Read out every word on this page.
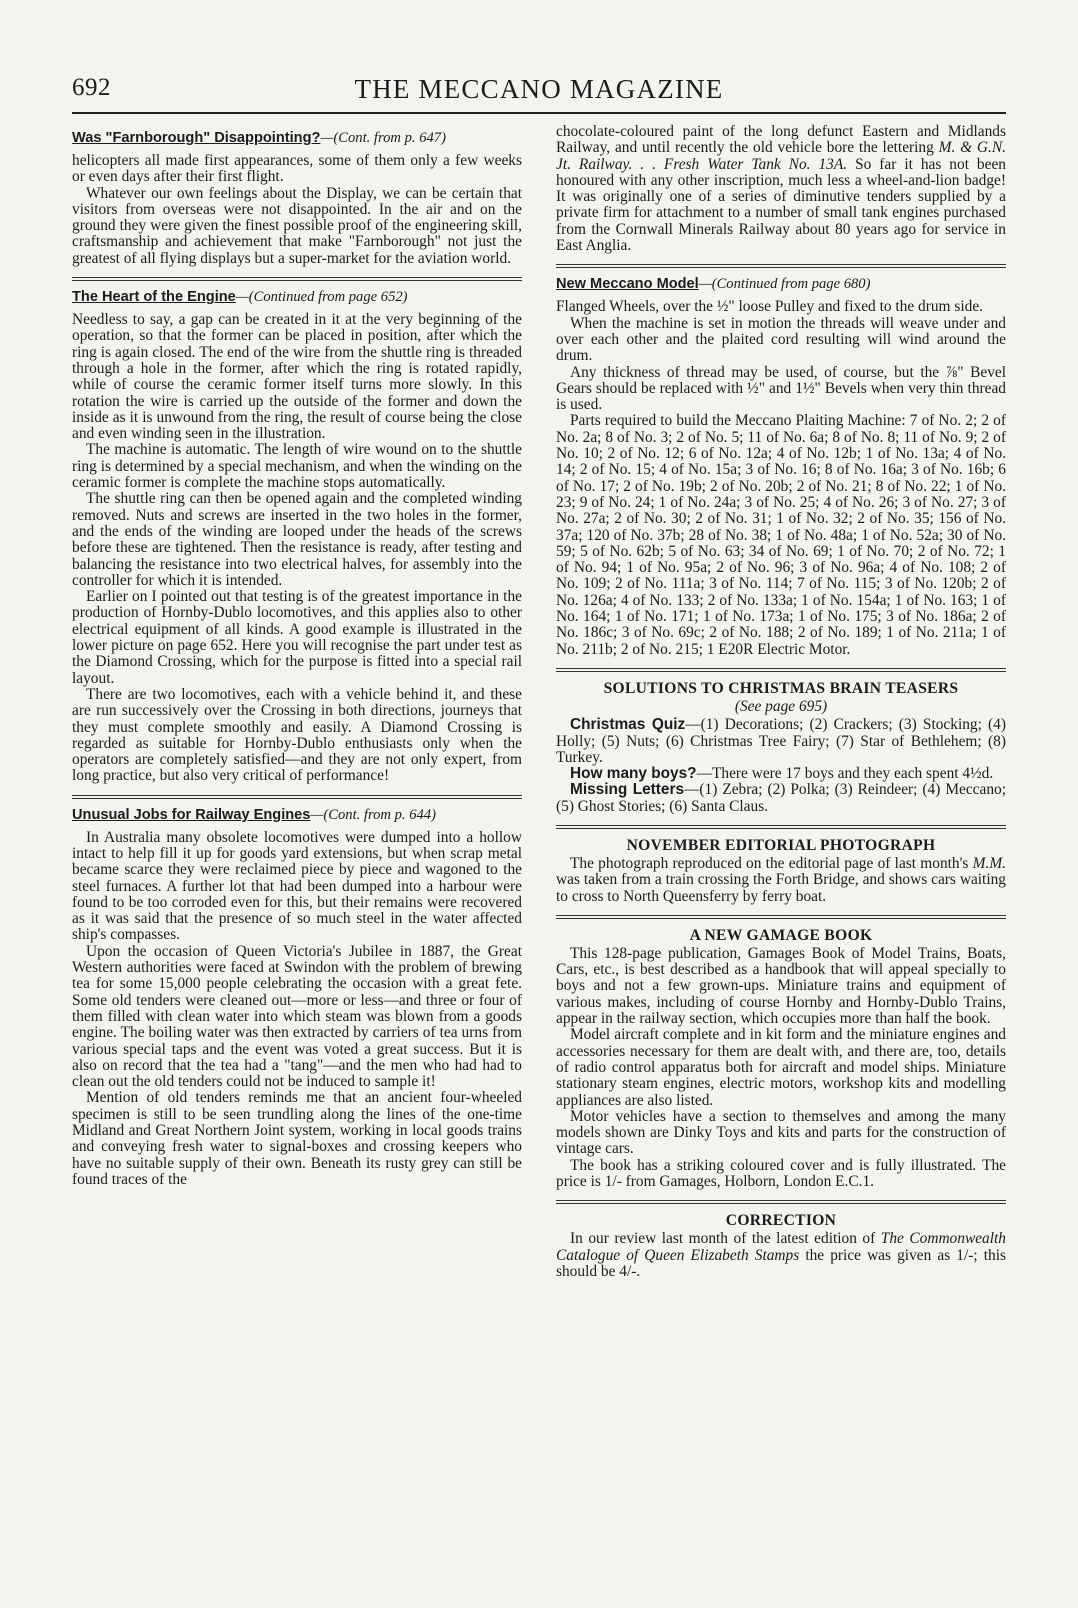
692	THE MECCANO MAGAZINE
Was "Farnborough" Disappointing?—(Cont. from p. 647)

helicopters all made first appearances, some of them only a few weeks or even days after their first flight.

Whatever our own feelings about the Display, we can be certain that visitors from overseas were not disappointed. In the air and on the ground they were given the finest possible proof of the engineering skill, craftsmanship and achievement that make "Farnborough" not just the greatest of all flying displays but a super-market for the aviation world.

The Heart of the Engine—(Continued from page 652)

Needless to say, a gap can be created in it at the very beginning of the operation, so that the former can be placed in position, after which the ring is again closed. The end of the wire from the shuttle ring is threaded through a hole in the former, after which the ring is rotated rapidly, while of course the ceramic former itself turns more slowly. In this rotation the wire is carried up the outside of the former and down the inside as it is unwound from the ring, the result of course being the close and even winding seen in the illustration.

The machine is automatic. The length of wire wound on to the shuttle ring is determined by a special mechanism, and when the winding on the ceramic former is complete the machine stops automatically.

The shuttle ring can then be opened again and the completed winding removed. Nuts and screws are inserted in the two holes in the former, and the ends of the winding are looped under the heads of the screws before these are tightened. Then the resistance is ready, after testing and balancing the resistance into two electrical halves, for assembly into the controller for which it is intended.

Earlier on I pointed out that testing is of the greatest importance in the production of Hornby-Dublo locomotives, and this applies also to other electrical equipment of all kinds. A good example is illustrated in the lower picture on page 652. Here you will recognise the part under test as the Diamond Crossing, which for the purpose is fitted into a special rail layout.

There are two locomotives, each with a vehicle behind it, and these are run successively over the Crossing in both directions, journeys that they must complete smoothly and easily. A Diamond Crossing is regarded as suitable for Hornby-Dublo enthusiasts only when the operators are completely satisfied—and they are not only expert, from long practice, but also very critical of performance!

Unusual Jobs for Railway Engines—(Cont. from p. 644)

In Australia many obsolete locomotives were dumped into a hollow intact to help fill it up for goods yard extensions, but when scrap metal became scarce they were reclaimed piece by piece and wagoned to the steel furnaces. A further lot that had been dumped into a harbour were found to be too corroded even for this, but their remains were recovered as it was said that the presence of so much steel in the water affected ship's compasses.

Upon the occasion of Queen Victoria's Jubilee in 1887, the Great Western authorities were faced at Swindon with the problem of brewing tea for some 15,000 people celebrating the occasion with a great fete. Some old tenders were cleaned out—more or less—and three or four of them filled with clean water into which steam was blown from a goods engine. The boiling water was then extracted by carriers of tea urns from various special taps and the event was voted a great success. But it is also on record that the tea had a "tang"—and the men who had had to clean out the old tenders could not be induced to sample it!

Mention of old tenders reminds me that an ancient four-wheeled specimen is still to be seen trundling along the lines of the one-time Midland and Great Northern Joint system, working in local goods trains and conveying fresh water to signal-boxes and crossing keepers who have no suitable supply of their own. Beneath its rusty grey can still be found traces of the

chocolate-coloured paint of the long defunct Eastern and Midlands Railway, and until recently the old vehicle bore the lettering M. & G.N. Jt. Railway. . . Fresh Water Tank No. 13A. So far it has not been honoured with any other inscription, much less a wheel-and-lion badge! It was originally one of a series of diminutive tenders supplied by a private firm for attachment to a number of small tank engines purchased from the Cornwall Minerals Railway about 80 years ago for service in East Anglia.

New Meccano Model—(Continued from page 680)

Flanged Wheels, over the ½" loose Pulley and fixed to the drum side.

When the machine is set in motion the threads will weave under and over each other and the plaited cord resulting will wind around the drum.

Any thickness of thread may be used, of course, but the ⅞" Bevel Gears should be replaced with ½" and 1½" Bevels when very thin thread is used.

Parts required to build the Meccano Plaiting Machine: 7 of No. 2; 2 of No. 2a; 8 of No. 3; 2 of No. 5; 11 of No. 6a; 8 of No. 8; 11 of No. 9; 2 of No. 10; 2 of No. 12; 6 of No. 12a; 4 of No. 12b; 1 of No. 13a; 4 of No. 14; 2 of No. 15; 4 of No. 15a; 3 of No. 16; 8 of No. 16a; 3 of No. 16b; 6 of No. 17; 2 of No. 19b; 2 of No. 20b; 2 of No. 21; 8 of No. 22; 1 of No. 23; 9 of No. 24; 1 of No. 24a; 3 of No. 25; 4 of No. 26; 3 of No. 27; 3 of No. 27a; 2 of No. 30; 2 of No. 31; 1 of No. 32; 2 of No. 35; 156 of No. 37a; 120 of No. 37b; 28 of No. 38; 1 of No. 48a; 1 of No. 52a; 30 of No. 59; 5 of No. 62b; 5 of No. 63; 34 of No. 69; 1 of No. 70; 2 of No. 72; 1 of No. 94; 1 of No. 95a; 2 of No. 96; 3 of No. 96a; 4 of No. 108; 2 of No. 109; 2 of No. 111a; 3 of No. 114; 7 of No. 115; 3 of No. 120b; 2 of No. 126a; 4 of No. 133; 2 of No. 133a; 1 of No. 154a; 1 of No. 163; 1 of No. 164; 1 of No. 171; 1 of No. 173a; 1 of No. 175; 3 of No. 186a; 2 of No. 186c; 3 of No. 69c; 2 of No. 188; 2 of No. 189; 1 of No. 211a; 1 of No. 211b; 2 of No. 215; 1 E20R Electric Motor.

SOLUTIONS TO CHRISTMAS BRAIN TEASERS
(See page 695)

Christmas Quiz—(1) Decorations; (2) Crackers; (3) Stocking; (4) Holly; (5) Nuts; (6) Christmas Tree Fairy; (7) Star of Bethlehem; (8) Turkey.

How many boys?—There were 17 boys and they each spent 4½d.

Missing Letters—(1) Zebra; (2) Polka; (3) Reindeer; (4) Meccano; (5) Ghost Stories; (6) Santa Claus.

NOVEMBER EDITORIAL PHOTOGRAPH

The photograph reproduced on the editorial page of last month's M.M. was taken from a train crossing the Forth Bridge, and shows cars waiting to cross to North Queensferry by ferry boat.

A NEW GAMAGE BOOK

This 128-page publication, Gamages Book of Model Trains, Boats, Cars, etc., is best described as a handbook that will appeal specially to boys and not a few grown-ups. Miniature trains and equipment of various makes, including of course Hornby and Hornby-Dublo Trains, appear in the railway section, which occupies more than half the book.

Model aircraft complete and in kit form and the miniature engines and accessories necessary for them are dealt with, and there are, too, details of radio control apparatus both for aircraft and model ships. Miniature stationary steam engines, electric motors, workshop kits and modelling appliances are also listed.

Motor vehicles have a section to themselves and among the many models shown are Dinky Toys and kits and parts for the construction of vintage cars.

The book has a striking coloured cover and is fully illustrated. The price is 1/- from Gamages, Holborn, London E.C.1.

CORRECTION

In our review last month of the latest edition of The Commonwealth Catalogue of Queen Elizabeth Stamps the price was given as 1/-; this should be 4/-.
